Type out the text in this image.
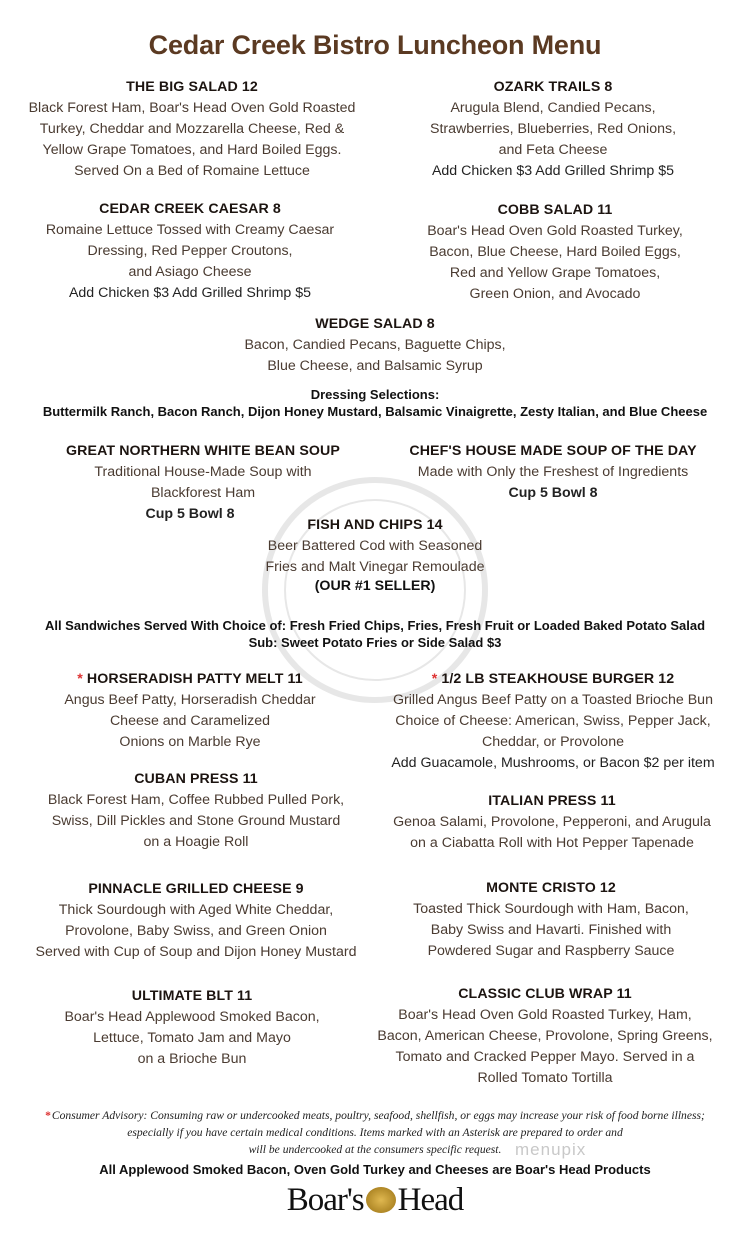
Cedar Creek Bistro Luncheon Menu
THE BIG SALAD 12
Black Forest Ham, Boar's Head Oven Gold Roasted
Turkey, Cheddar and Mozzarella Cheese, Red &
Yellow Grape Tomatoes, and Hard Boiled Eggs.
Served On a Bed of Romaine Lettuce
OZARK TRAILS 8
Arugula Blend, Candied Pecans,
Strawberries, Blueberries, Red Onions,
and Feta Cheese
Add Chicken $3 Add Grilled Shrimp $5
CEDAR CREEK CAESAR 8
Romaine Lettuce Tossed with Creamy Caesar
Dressing, Red Pepper Croutons,
and Asiago Cheese
Add Chicken $3 Add Grilled Shrimp $5
COBB SALAD 11
Boar's Head Oven Gold Roasted Turkey,
Bacon, Blue Cheese, Hard Boiled Eggs,
Red and Yellow Grape Tomatoes,
Green Onion, and Avocado
WEDGE SALAD 8
Bacon, Candied Pecans, Baguette Chips,
Blue Cheese, and Balsamic Syrup
GREAT NORTHERN WHITE BEAN SOUP
Traditional House-Made Soup with
Blackforest Ham
Cup 5 Bowl 8
CHEF'S HOUSE MADE SOUP OF THE DAY
Made with Only the Freshest of Ingredients
Cup 5 Bowl 8
FISH AND CHIPS 14
Beer Battered Cod with Seasoned
Fries and Malt Vinegar Remoulade
(OUR #1 SELLER)
* HORSERADISH PATTY MELT 11
Angus Beef Patty, Horseradish Cheddar
Cheese and Caramelized
Onions on Marble Rye
* 1/2 LB STEAKHOUSE BURGER 12
Grilled Angus Beef Patty on a Toasted Brioche Bun
Choice of Cheese: American, Swiss, Pepper Jack,
Cheddar, or Provolone
Add Guacamole, Mushrooms, or Bacon $2 per item
CUBAN PRESS 11
Black Forest Ham, Coffee Rubbed Pulled Pork,
Swiss, Dill Pickles and Stone Ground Mustard
on a Hoagie Roll
ITALIAN PRESS 11
Genoa Salami, Provolone, Pepperoni, and Arugula
on a Ciabatta Roll with Hot Pepper Tapenade
PINNACLE GRILLED CHEESE 9
Thick Sourdough with Aged White Cheddar,
Provolone, Baby Swiss, and Green Onion
Served with Cup of Soup and Dijon Honey Mustard
MONTE CRISTO 12
Toasted Thick Sourdough with Ham, Bacon,
Baby Swiss and Havarti. Finished with
Powdered Sugar and Raspberry Sauce
ULTIMATE BLT 11
Boar's Head Applewood Smoked Bacon,
Lettuce, Tomato Jam and Mayo
on a Brioche Bun
CLASSIC CLUB WRAP 11
Boar's Head Oven Gold Roasted Turkey, Ham,
Bacon, American Cheese, Provolone, Spring Greens,
Tomato and Cracked Pepper Mayo. Served in a
Rolled Tomato Tortilla
Dressing Selections:
Buttermilk Ranch, Bacon Ranch, Dijon Honey Mustard, Balsamic Vinaigrette, Zesty Italian, and Blue Cheese
All Sandwiches Served With Choice of: Fresh Fried Chips, Fries, Fresh Fruit or Loaded Baked Potato Salad
Sub: Sweet Potato Fries or Side Salad $3
*Consumer Advisory: Consuming raw or undercooked meats, poultry, seafood, shellfish, or eggs may increase your risk of food borne illness;
especially if you have certain medical conditions. Items marked with an Asterisk are prepared to order and
will be undercooked at the consumers specific request. menupix
All Applewood Smoked Bacon, Oven Gold Turkey and Cheeses are Boar's Head Products
Boar's Head
